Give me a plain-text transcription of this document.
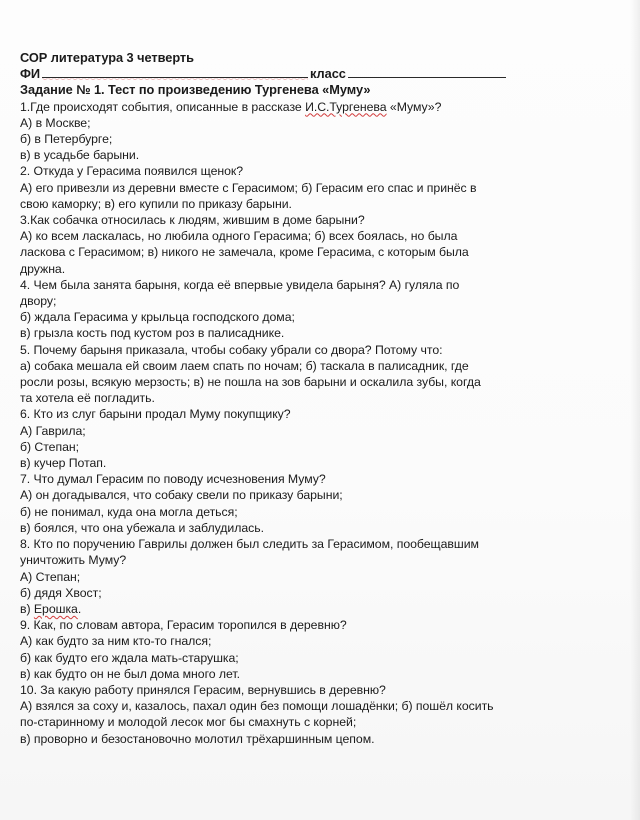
СОР литература 3 четверть
ФИ	класс
Задание № 1. Тест по произведению Тургенева «Муму»
1.Где происходят события, описанные в рассказе И.С.Тургенева «Муму»?
А) в Москве;
б) в Петербурге;
в) в усадьбе барыни.
2. Откуда у Герасима появился щенок?
А) его привезли из деревни вместе с Герасимом; б) Герасим его спас и принёс в
свою каморку; в) его купили по приказу барыни.
3.Как собачка относилась к людям, жившим в доме барыни?
А) ко всем ласкалась, но любила одного Герасима; б) всех боялась, но была
ласкова с Герасимом; в) никого не замечала, кроме Герасима, с которым была
дружна.
4. Чем была занята барыня, когда её впервые увидела барыня? А) гуляла по
двору;
б) ждала Герасима у крыльца господского дома;
в) грызла кость под кустом роз в палисаднике.
5. Почему барыня приказала, чтобы собаку убрали со двора? Потому что:
а) собака мешала ей своим лаем спать по ночам; б) таскала в палисадник, где
росли розы, всякую мерзость; в) не пошла на зов барыни и оскалила зубы, когда
та хотела её погладить.
6. Кто из слуг барыни продал Муму покупщику?
А) Гаврила;
б) Степан;
в) кучер Потап.
7. Что думал Герасим по поводу исчезновения Муму?
А) он догадывался, что собаку свели по приказу барыни;
б) не понимал, куда она могла деться;
в) боялся, что она убежала и заблудилась.
8. Кто по поручению Гаврилы должен был следить за Герасимом, пообещавшим
уничтожить Муму?
А) Степан;
б) дядя Хвост;
в) Ерошка.
9. Как, по словам автора, Герасим торопился в деревню?
А) как будто за ним кто-то гнался;
б) как будто его ждала мать-старушка;
в) как будто он не был дома много лет.
10. За какую работу принялся Герасим, вернувшись в деревню?
А) взялся за соху и, казалось, пахал один без помощи лошадёнки; б) пошёл косить
по-старинному и молодой лесок мог бы смахнуть с корней;
в) проворно и безостановочно молотил трёхаршинным цепом.
